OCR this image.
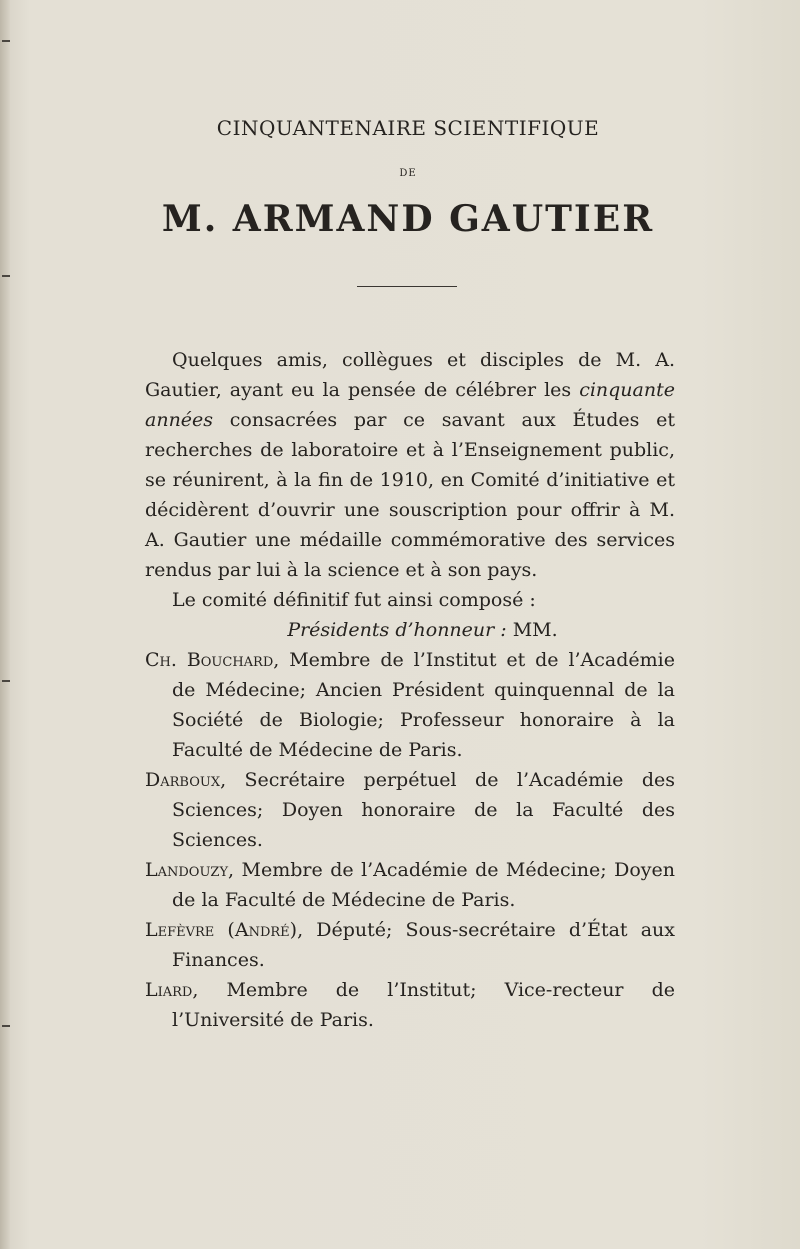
CINQUANTENAIRE SCIENTIFIQUE
DE
M. ARMAND GAUTIER

Quelques amis, collègues et disciples de M. A. Gautier, ayant eu la pensée de célébrer les cinquante années consacrées par ce savant aux Études et recherches de laboratoire et à l’Enseignement public, se réunirent, à la fin de 1910, en Comité d’initiative et décidèrent d’ouvrir une souscription pour offrir à M. A. Gautier une médaille commémorative des services rendus par lui à la science et à son pays.

Le comité définitif fut ainsi composé :

Présidents d’honneur : MM.

Ch. Bouchard, Membre de l’Institut et de l’Académie de Médecine; Ancien Président quinquennal de la Société de Biologie; Professeur honoraire à la Faculté de Médecine de Paris.

Darboux, Secrétaire perpétuel de l’Académie des Sciences; Doyen honoraire de la Faculté des Sciences.

Landouzy, Membre de l’Académie de Médecine; Doyen de la Faculté de Médecine de Paris.

Lefèvre (André), Député; Sous-secrétaire d’État aux Finances.

Liard, Membre de l’Institut; Vice-recteur de l’Université de Paris.
